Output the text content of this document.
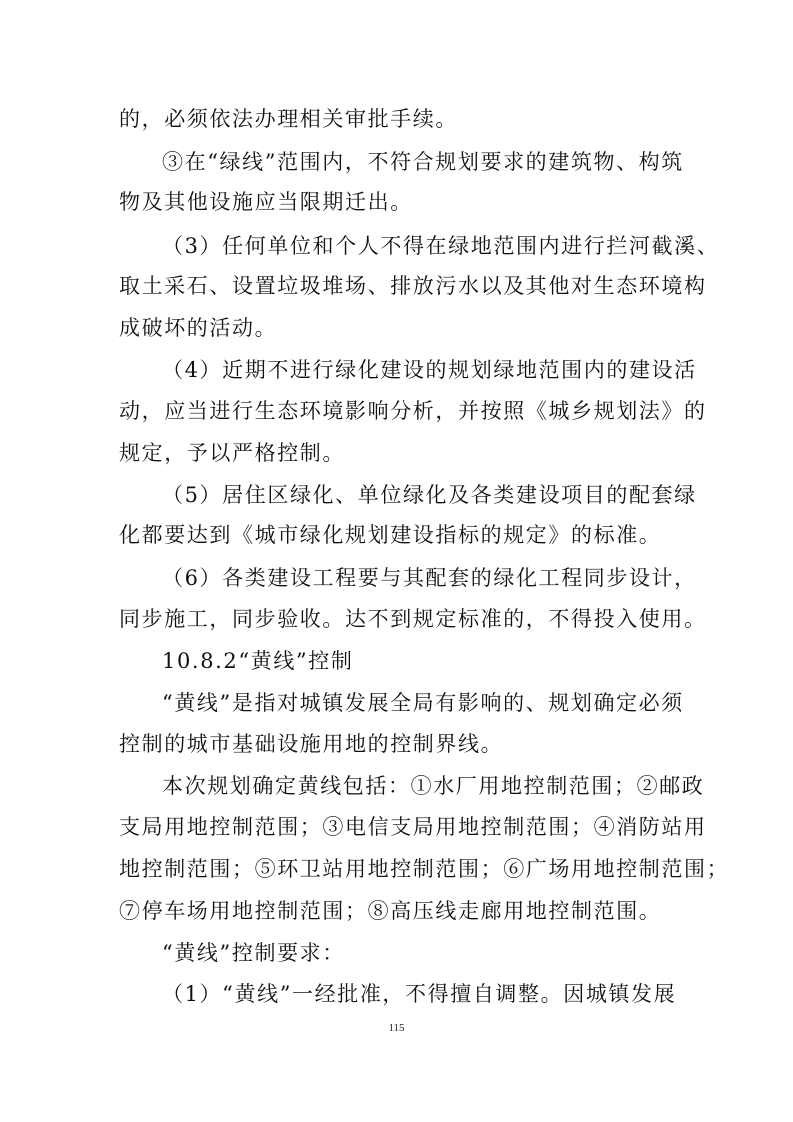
的，必须依法办理相关审批手续。
③在“绿线”范围内，不符合规划要求的建筑物、构筑
物及其他设施应当限期迁出。
（3）任何单位和个人不得在绿地范围内进行拦河截溪、
取土采石、设置垃圾堆场、排放污水以及其他对生态环境构
成破坏的活动。
（4）近期不进行绿化建设的规划绿地范围内的建设活
动，应当进行生态环境影响分析，并按照《城乡规划法》的
规定，予以严格控制。
（5）居住区绿化、单位绿化及各类建设项目的配套绿
化都要达到《城市绿化规划建设指标的规定》的标准。
（6）各类建设工程要与其配套的绿化工程同步设计，
同步施工，同步验收。达不到规定标准的，不得投入使用。
10.8.2“黄线”控制
“黄线”是指对城镇发展全局有影响的、规划确定必须
控制的城市基础设施用地的控制界线。
本次规划确定黄线包括：①水厂用地控制范围；②邮政
支局用地控制范围；③电信支局用地控制范围；④消防站用
地控制范围；⑤环卫站用地控制范围；⑥广场用地控制范围；
⑦停车场用地控制范围；⑧高压线走廊用地控制范围。
“黄线”控制要求：
（1）“黄线”一经批准，不得擅自调整。因城镇发展
115
